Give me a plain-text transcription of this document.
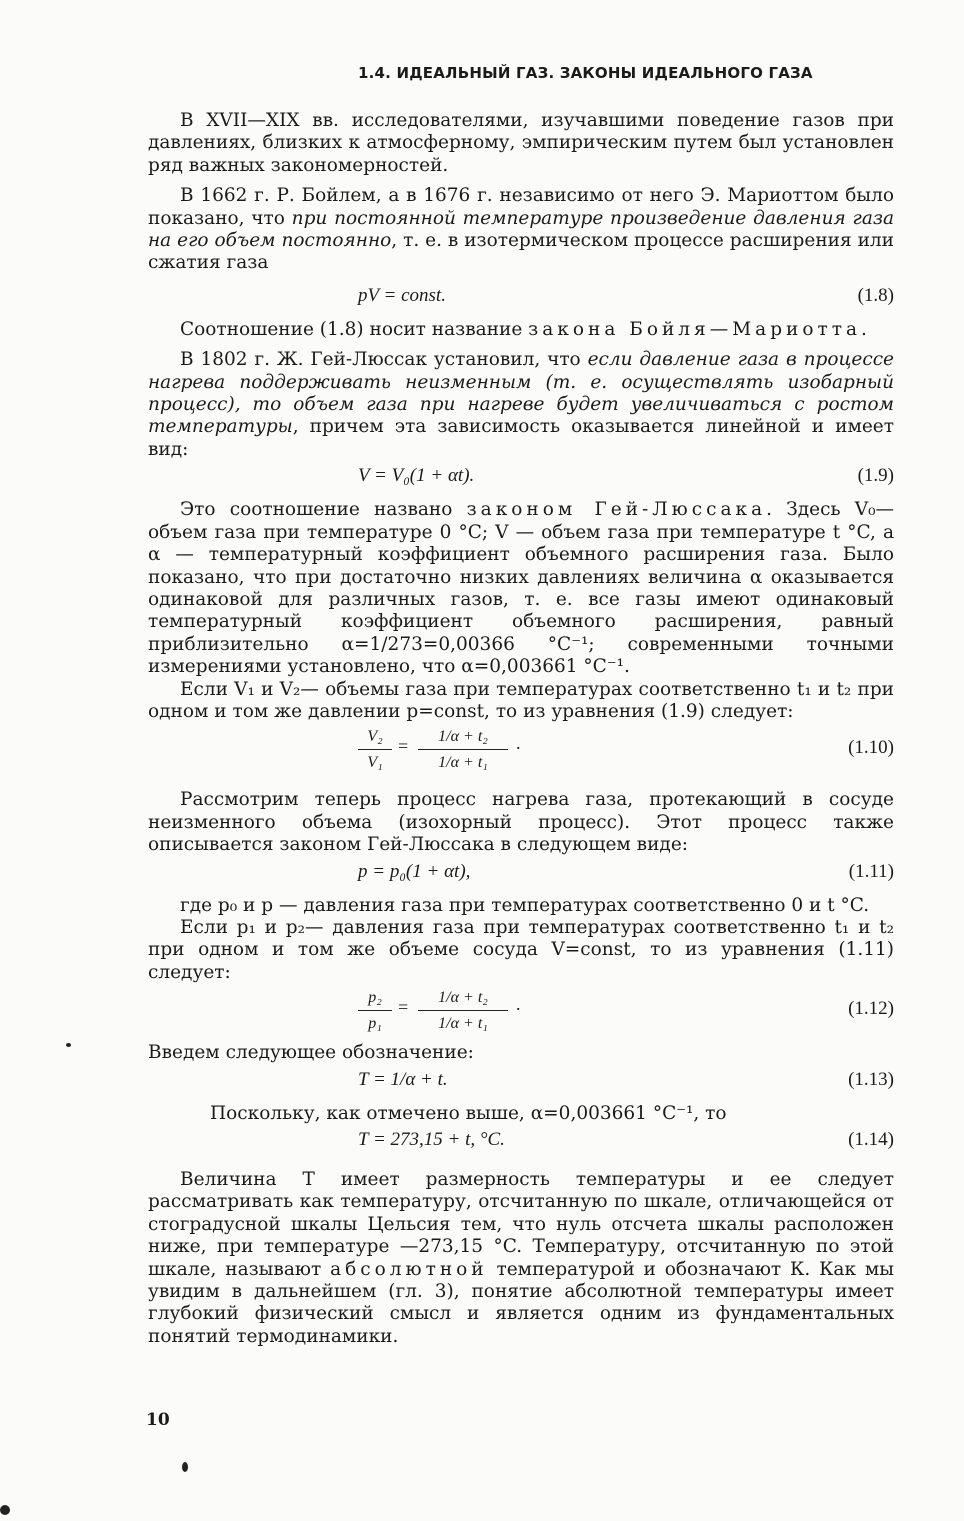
1.4. ИДЕАЛЬНЫЙ ГАЗ. ЗАКОНЫ ИДЕАЛЬНОГО ГАЗА

В XVII—XIX вв. исследователями, изучавшими поведение газов при давлениях, близких к атмосферному, эмпирическим путем был установлен ряд важных закономерностей.

В 1662 г. Р. Бойлем, а в 1676 г. независимо от него Э. Мариоттом было показано, что при постоянной температуре произведение давления газа на его объем постоянно, т. е. в изотермическом процессе расширения или сжатия газа

pV = const.	(1.8)

Соотношение (1.8) носит название закона Бойля—Мариотта.

В 1802 г. Ж. Гей-Люссак установил, что если давление газа в процессе нагрева поддерживать неизменным (т. е. осуществлять изобарный процесс), то объем газа при нагреве будет увеличиваться с ростом температуры, причем эта зависимость оказывается линейной и имеет вид:

V = V₀(1 + αt).	(1.9)

Это соотношение названо законом Гей-Люссака. Здесь V₀—объем газа при температуре 0 °C; V — объем газа при температуре t °C, а α — температурный коэффициент объемного расширения газа. Было показано, что при достаточно низких давлениях величина α оказывается одинаковой для различных газов, т. е. все газы имеют одинаковый температурный коэффициент объемного расширения, равный приблизительно α=1/273=0,00366 °C⁻¹; современными точными измерениями установлено, что α=0,003661 °C⁻¹.

Если V₁ и V₂— объемы газа при температурах соответственно t₁ и t₂ при одном и том же давлении p=const, то из уравнения (1.9) следует:

V₂
V₁
=	1/α + t₂
1/α + t₁
.	(1.10)

Рассмотрим теперь процесс нагрева газа, протекающий в сосуде неизменного объема (изохорный процесс). Этот процесс также описывается законом Гей-Люссака в следующем виде:

p = p₀(1 + αt),	(1.11)

где p₀ и p — давления газа при температурах соответственно 0 и t °C.

Если p₁ и p₂— давления газа при температурах соответственно t₁ и t₂ при одном и том же объеме сосуда V=const, то из уравнения (1.11) следует:

p₂
p₁
=	1/α + t₂
1/α + t₁
.	(1.12)

Введем следующее обозначение:

T = 1/α + t.	(1.13)

Поскольку, как отмечено выше, α=0,003661 °C⁻¹, то

T = 273,15 + t, °C.	(1.14)

Величина T имеет размерность температуры и ее следует рассматривать как температуру, отсчитанную по шкале, отличающейся от стоградусной шкалы Цельсия тем, что нуль отсчета шкалы расположен ниже, при температуре —273,15 °C. Температуру, отсчитанную по этой шкале, называют абсолютной температурой и обозначают К. Как мы увидим в дальнейшем (гл. 3), понятие абсолютной температуры имеет глубокий физический смысл и является одним из фундаментальных понятий термодинамики.

10
